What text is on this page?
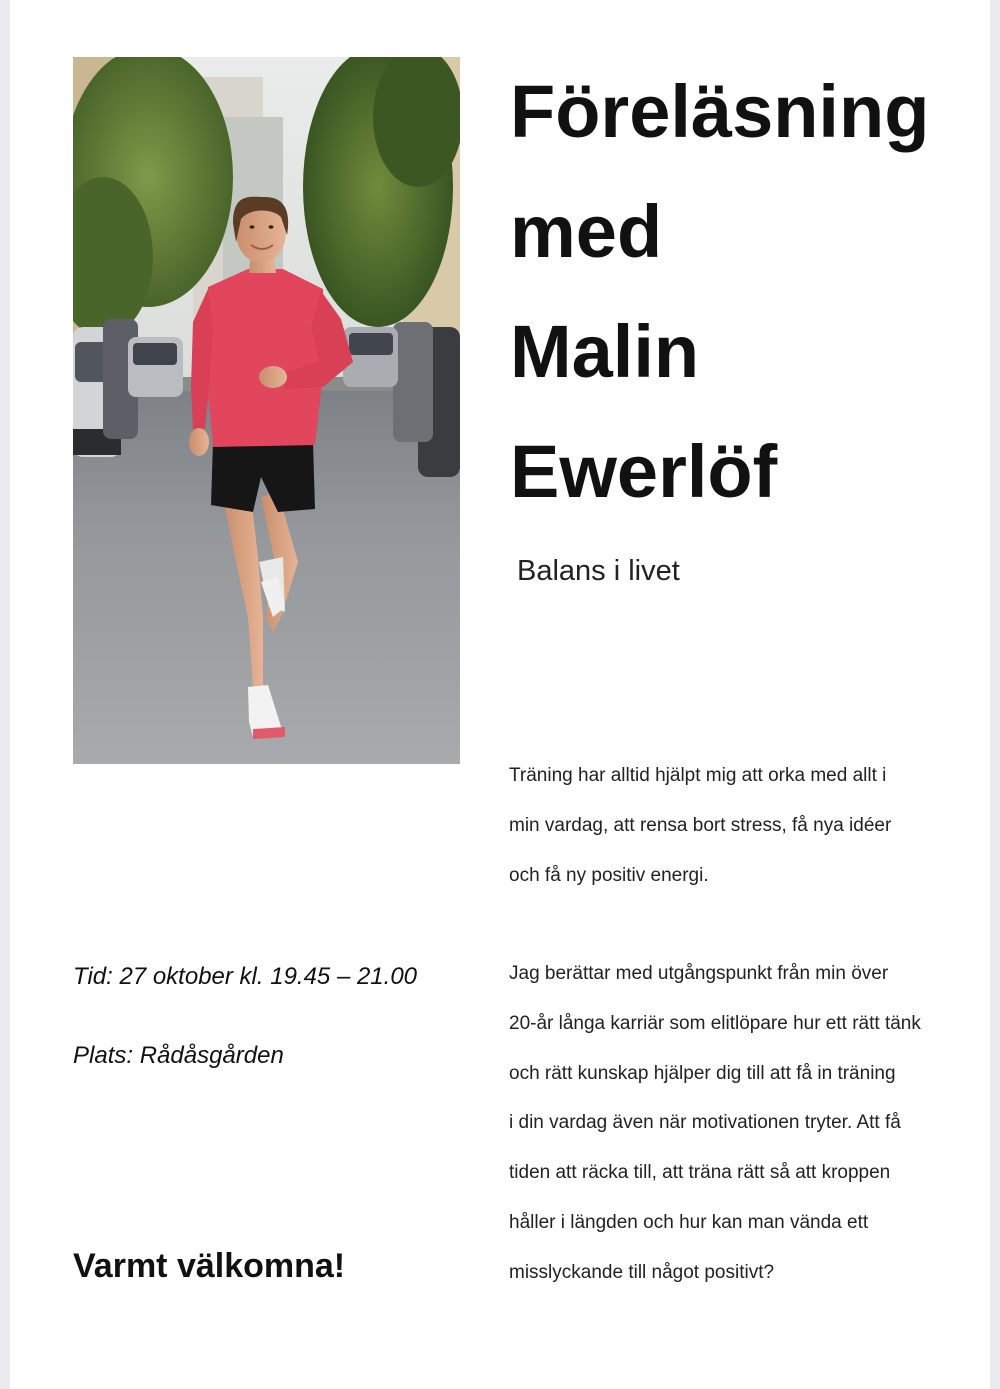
Föreläsning
med
Malin
Ewerlöf

Balans i livet

Träning har alltid hjälpt mig att orka med allt i
min vardag, att rensa bort stress, få nya idéer
och få ny positiv energi.
Jag berättar med utgångspunkt från min över
20-år långa karriär som elitlöpare hur ett rätt tänk
och rätt kunskap hjälper dig till att få in träning
i din vardag även när motivationen tryter. Att få
tiden att räcka till, att träna rätt så att kroppen
håller i längden och hur kan man vända ett
misslyckande till något positivt?

Tid: 27 oktober kl. 19.45 – 21.00

Plats: Rådåsgården

Varmt välkomna!
